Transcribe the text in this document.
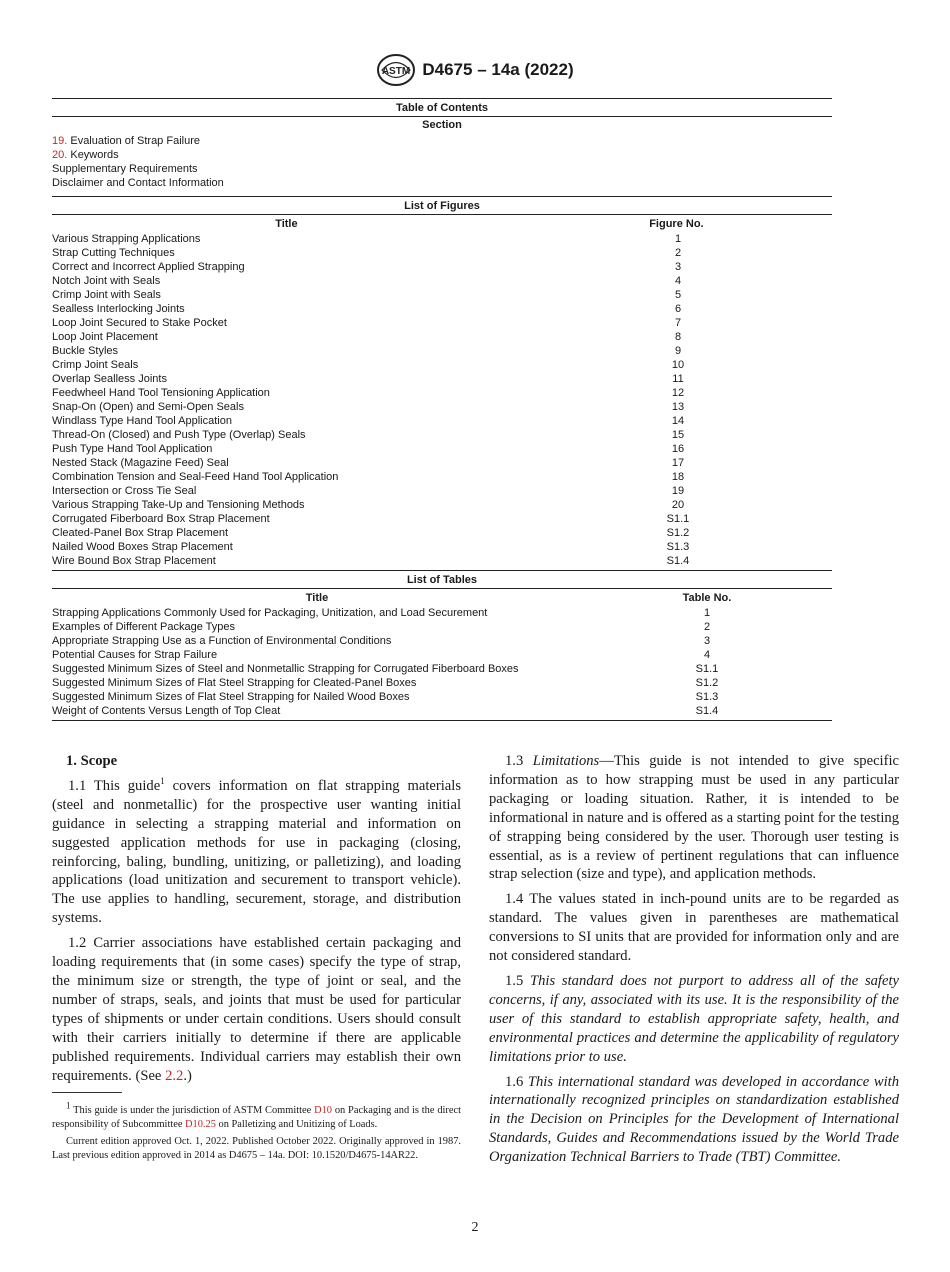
ASTM D4675 – 14a (2022)
Table of Contents
Section
19. Evaluation of Strap Failure
20. Keywords
Supplementary Requirements
Disclaimer and Contact Information
List of Figures
Title	Figure No.
Various Strapping Applications	1
Strap Cutting Techniques	2
Correct and Incorrect Applied Strapping	3
Notch Joint with Seals	4
Crimp Joint with Seals	5
Sealless Interlocking Joints	6
Loop Joint Secured to Stake Pocket	7
Loop Joint Placement	8
Buckle Styles	9
Crimp Joint Seals	10
Overlap Sealless Joints	11
Feedwheel Hand Tool Tensioning Application	12
Snap-On (Open) and Semi-Open Seals	13
Windlass Type Hand Tool Application	14
Thread-On (Closed) and Push Type (Overlap) Seals	15
Push Type Hand Tool Application	16
Nested Stack (Magazine Feed) Seal	17
Combination Tension and Seal-Feed Hand Tool Application	18
Intersection or Cross Tie Seal	19
Various Strapping Take-Up and Tensioning Methods	20
Corrugated Fiberboard Box Strap Placement	S1.1
Cleated-Panel Box Strap Placement	S1.2
Nailed Wood Boxes Strap Placement	S1.3
Wire Bound Box Strap Placement	S1.4
List of Tables
Title	Table No.
Strapping Applications Commonly Used for Packaging, Unitization, and Load Securement	1
Examples of Different Package Types	2
Appropriate Strapping Use as a Function of Environmental Conditions	3
Potential Causes for Strap Failure	4
Suggested Minimum Sizes of Steel and Nonmetallic Strapping for Corrugated Fiberboard Boxes	S1.1
Suggested Minimum Sizes of Flat Steel Strapping for Cleated-Panel Boxes	S1.2
Suggested Minimum Sizes of Flat Steel Strapping for Nailed Wood Boxes	S1.3
Weight of Contents Versus Length of Top Cleat	S1.4
1. Scope

1.1 This guide$^1$ covers information on flat strapping materials (steel and nonmetallic) for the prospective user wanting initial guidance in selecting a strapping material and information on suggested application methods for use in packaging (closing, reinforcing, baling, bundling, unitizing, or palletizing), and loading applications (load unitization and securement to transport vehicle). The use applies to handling, securement, storage, and distribution systems.

1.2 Carrier associations have established certain packaging and loading requirements that (in some cases) specify the type of strap, the minimum size or strength, the type of joint or seal, and the number of straps, seals, and joints that must be used for particular types of shipments or under certain conditions. Users should consult with their carriers initially to determine if there are applicable published requirements. Individual carriers may establish their own requirements. (See 2.2.)

$^1$ This guide is under the jurisdiction of ASTM Committee D10 on Packaging and is the direct responsibility of Subcommittee D10.25 on Palletizing and Unitizing of Loads.

Current edition approved Oct. 1, 2022. Published October 2022. Originally approved in 1987. Last previous edition approved in 2014 as D4675 – 14a. DOI: 10.1520/D4675-14AR22.

1.3 Limitations—This guide is not intended to give specific information as to how strapping must be used in any particular packaging or loading situation. Rather, it is intended to be informational in nature and is offered as a starting point for the testing of strapping being considered by the user. Thorough user testing is essential, as is a review of pertinent regulations that can influence strap selection (size and type), and application methods.

1.4 The values stated in inch-pound units are to be regarded as standard. The values given in parentheses are mathematical conversions to SI units that are provided for information only and are not considered standard.

1.5 This standard does not purport to address all of the safety concerns, if any, associated with its use. It is the responsibility of the user of this standard to establish appropriate safety, health, and environmental practices and determine the applicability of regulatory limitations prior to use.

1.6 This international standard was developed in accordance with internationally recognized principles on standardization established in the Decision on Principles for the Development of International Standards, Guides and Recommendations issued by the World Trade Organization Technical Barriers to Trade (TBT) Committee.

2
